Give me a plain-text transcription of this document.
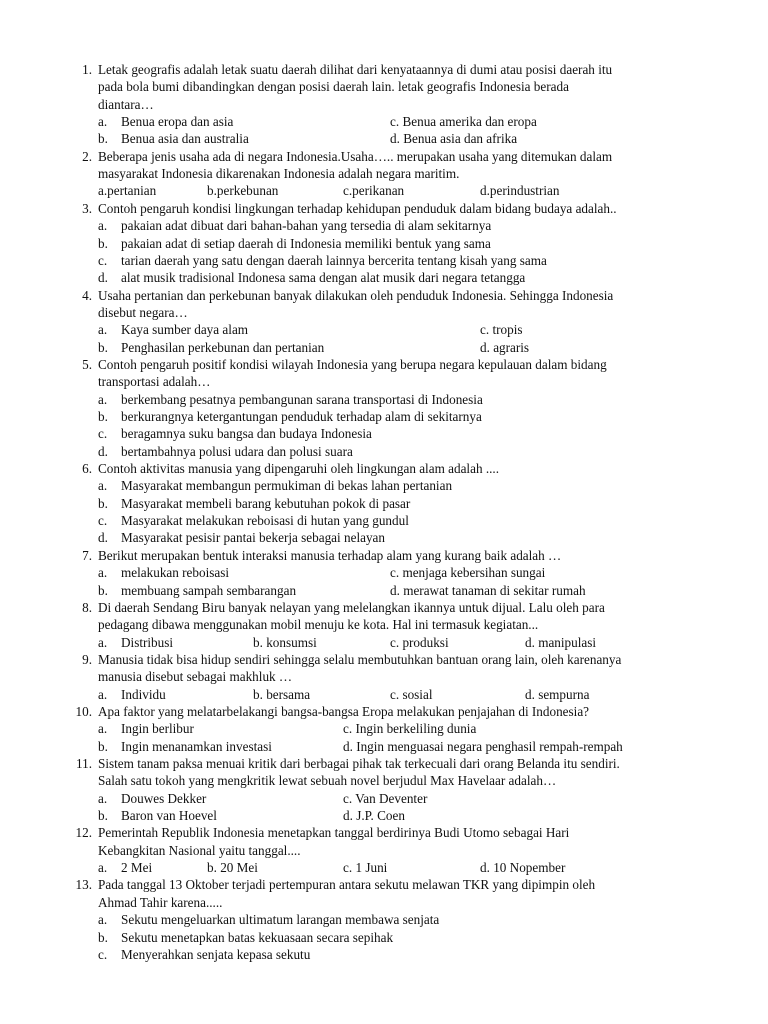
1. Letak geografis adalah letak suatu daerah dilihat dari kenyataannya di dumi atau posisi daerah itu
pada bola bumi dibandingkan dengan posisi daerah lain. letak geografis Indonesia berada
diantara…
a. Benua eropa dan asia	c. Benua amerika dan eropa
b. Benua asia dan australia	d. Benua asia dan afrika
2. Beberapa jenis usaha ada di negara Indonesia.Usaha….. merupakan usaha yang ditemukan dalam
masyarakat Indonesia dikarenakan Indonesia adalah negara maritim.
a.pertanian	b.perkebunan	c.perikanan	d.perindustrian
3. Contoh pengaruh kondisi lingkungan terhadap kehidupan penduduk dalam bidang budaya adalah..
a. pakaian adat dibuat dari bahan-bahan yang tersedia di alam sekitarnya
b. pakaian adat di setiap daerah di Indonesia memiliki bentuk yang sama
c. tarian daerah yang satu dengan daerah lainnya bercerita tentang kisah yang sama
d. alat musik tradisional Indonesa sama dengan alat musik dari negara tetangga
4. Usaha pertanian dan perkebunan banyak dilakukan oleh penduduk Indonesia. Sehingga Indonesia
disebut negara…
a. Kaya sumber daya alam	c. tropis
b. Penghasilan perkebunan dan pertanian	d. agraris
5. Contoh pengaruh positif kondisi wilayah Indonesia yang berupa negara kepulauan dalam bidang
transportasi adalah…
a. berkembang pesatnya pembangunan sarana transportasi di Indonesia
b. berkurangnya ketergantungan penduduk terhadap alam di sekitarnya
c. beragamnya suku bangsa dan budaya Indonesia
d. bertambahnya polusi udara dan polusi suara
6. Contoh aktivitas manusia yang dipengaruhi oleh lingkungan alam adalah ....
a. Masyarakat membangun permukiman di bekas lahan pertanian
b. Masyarakat membeli barang kebutuhan pokok di pasar
c. Masyarakat melakukan reboisasi di hutan yang gundul
d. Masyarakat pesisir pantai bekerja sebagai nelayan
7. Berikut merupakan bentuk interaksi manusia terhadap alam yang kurang baik adalah …
a. melakukan reboisasi	c. menjaga kebersihan sungai
b. membuang sampah sembarangan	d. merawat tanaman di sekitar rumah
8. Di daerah Sendang Biru banyak nelayan yang melelangkan ikannya untuk dijual. Lalu oleh para
pedagang dibawa menggunakan mobil menuju ke kota. Hal ini termasuk kegiatan...
a. Distribusi	b. konsumsi	c. produksi	d. manipulasi
9. Manusia tidak bisa hidup sendiri sehingga selalu membutuhkan bantuan orang lain, oleh karenanya
manusia disebut sebagai makhluk …
a. Individu	b. bersama	c. sosial	d. sempurna
10. Apa faktor yang melatarbelakangi bangsa-bangsa Eropa melakukan penjajahan di Indonesia?
a. Ingin berlibur	c. Ingin berkeliling dunia
b. Ingin menanamkan investasi	d. Ingin menguasai negara penghasil rempah-rempah
11. Sistem tanam paksa menuai kritik dari berbagai pihak tak terkecuali dari orang Belanda itu sendiri.
Salah satu tokoh yang mengkritik lewat sebuah novel berjudul Max Havelaar adalah…
a. Douwes Dekker	c. Van Deventer
b. Baron van Hoevel	d. J.P. Coen
12. Pemerintah Republik Indonesia menetapkan tanggal berdirinya Budi Utomo sebagai Hari
Kebangkitan Nasional yaitu tanggal....
a. 2 Mei	b. 20 Mei	c. 1 Juni	d. 10 Nopember
13. Pada tanggal 13 Oktober terjadi pertempuran antara sekutu melawan TKR yang dipimpin oleh
Ahmad Tahir karena.....
a. Sekutu mengeluarkan ultimatum larangan membawa senjata
b. Sekutu menetapkan batas kekuasaan secara sepihak
c. Menyerahkan senjata kepasa sekutu
